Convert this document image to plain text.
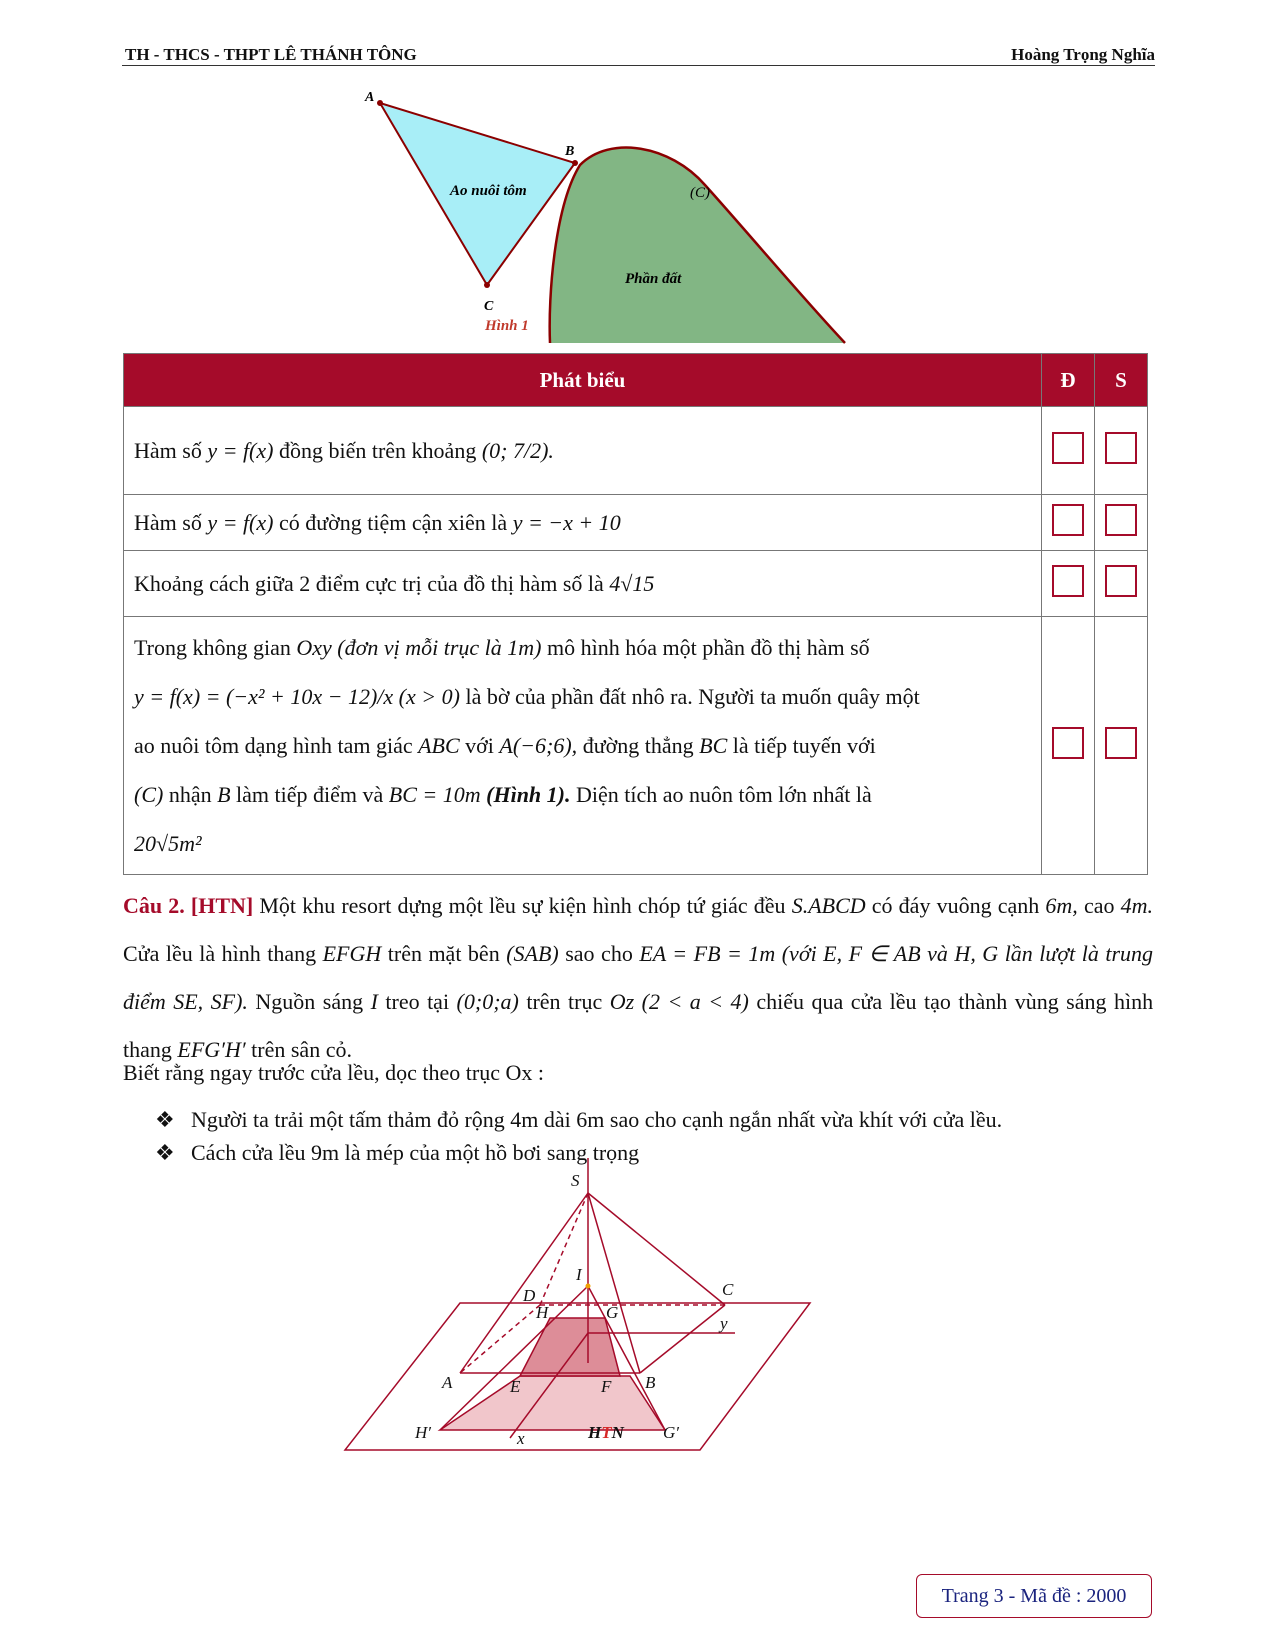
TH - THCS - THPT LÊ THÁNH TÔNG	Hoàng Trọng Nghĩa
A
B
C
(C)
Ao nuôi tôm
Phần đất
Hình 1
Phát biểu	Đ	S
Hàm số y = f(x) đồng biến trên khoảng (0; 7/2).		
Hàm số y = f(x) có đường tiệm cận xiên là y = −x + 10		
Khoảng cách giữa 2 điểm cực trị của đồ thị hàm số là 4√15		
Trong không gian Oxy (đơn vị mỗi trục là 1m) mô hình hóa một phần đồ thị hàm số
y = f(x) = (−x² + 10x − 12)/x (x > 0) là bờ của phần đất nhô ra. Người ta muốn quây một
ao nuôi tôm dạng hình tam giác ABC với A(−6;6), đường thẳng BC là tiếp tuyến với
(C) nhận B làm tiếp điểm và BC = 10m (Hình 1). Diện tích ao nuôn tôm lớn nhất là
20√5m²		
Câu 2. [HTN] Một khu resort dựng một lều sự kiện hình chóp tứ giác đều S.ABCD có đáy vuông cạnh 6m, cao 4m. Cửa lều là hình thang EFGH trên mặt bên (SAB) sao cho EA = FB = 1m (với E, F ∈ AB và H, G lần lượt là trung điểm SE, SF). Nguồn sáng I treo tại (0;0;a) trên trục Oz (2 < a < 4) chiếu qua cửa lều tạo thành vùng sáng hình thang EFG′H′ trên sân cỏ.
Biết rằng ngay trước cửa lều, dọc theo trục Ox :
❖ Người ta trải một tấm thảm đỏ rộng 4m dài 6m sao cho cạnh ngắn nhất vừa khít với cửa lều.
❖ Cách cửa lều 9m là mép của một hồ bơi sang trọng
S
I
D	C
H	G
y
A	E	F B
H′	x	G′
HTN
Trang 3 - Mã đề : 2000
